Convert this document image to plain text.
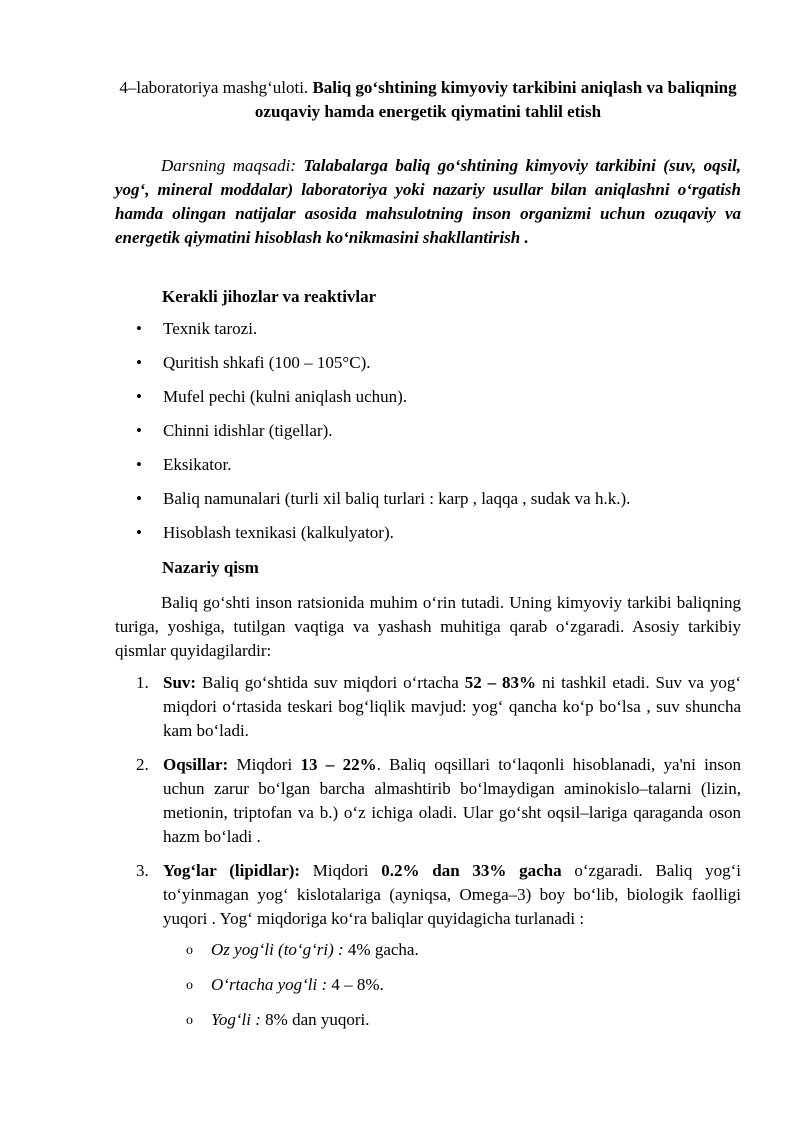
4–laboratoriya mashg‘uloti. Baliq go‘shtining kimyoviy tarkibini aniqlash va baliqning ozuqaviy hamda energetik qiymatini tahlil etish
Darsning maqsadi: Talabalarga baliq go‘shtining kimyoviy tarkibini (suv, oqsil, yog‘, mineral moddalar) laboratoriya yoki nazariy usullar bilan aniqlashni o‘rgatish hamda olingan natijalar asosida mahsulotning inson organizmi uchun ozuqaviy va energetik qiymatini hisoblash ko‘nikmasini shakllantirish .
Kerakli jihozlar va reaktivlar
• Texnik tarozi.
• Quritish shkafi (100 – 105°C).
• Mufel pechi (kulni aniqlash uchun).
• Chinni idishlar (tigellar).
• Eksikator.
• Baliq namunalari (turli xil baliq turlari : karp , laqqa , sudak va h.k.).
• Hisoblash texnikasi (kalkulyator).
Nazariy qism
Baliq go‘shti inson ratsionida muhim o‘rin tutadi. Uning kimyoviy tarkibi baliqning turiga, yoshiga, tutilgan vaqtiga va yashash muhitiga qarab o‘zgaradi. Asosiy tarkibiy qismlar quyidagilardir:
1. Suv: Baliq go‘shtida suv miqdori o‘rtacha 52 – 83% ni tashkil etadi. Suv va yog‘ miqdori o‘rtasida teskari bog‘liqlik mavjud: yog‘ qancha ko‘p bo‘lsa , suv shuncha kam bo‘ladi.
2. Oqsillar: Miqdori 13 – 22%. Baliq oqsillari to‘laqonli hisoblanadi, ya'ni inson uchun zarur bo‘lgan barcha almashtirib bo‘lmaydigan aminokislo–talarni (lizin, metionin, triptofan va b.) o‘z ichiga oladi. Ular go‘sht oqsil–lariga qaraganda oson hazm bo‘ladi .
3. Yog‘lar (lipidlar): Miqdori 0.2% dan 33% gacha o‘zgaradi. Baliq yog‘i to‘yinmagan yog‘ kislotalariga (ayniqsa, Omega–3) boy bo‘lib, biologik faolligi yuqori . Yog‘ miqdoriga ko‘ra baliqlar quyidagicha turlanadi :
o Oz yog‘li (to‘g‘ri) : 4% gacha.
o O‘rtacha yog‘li : 4 – 8%.
o Yog‘li : 8% dan yuqori.
